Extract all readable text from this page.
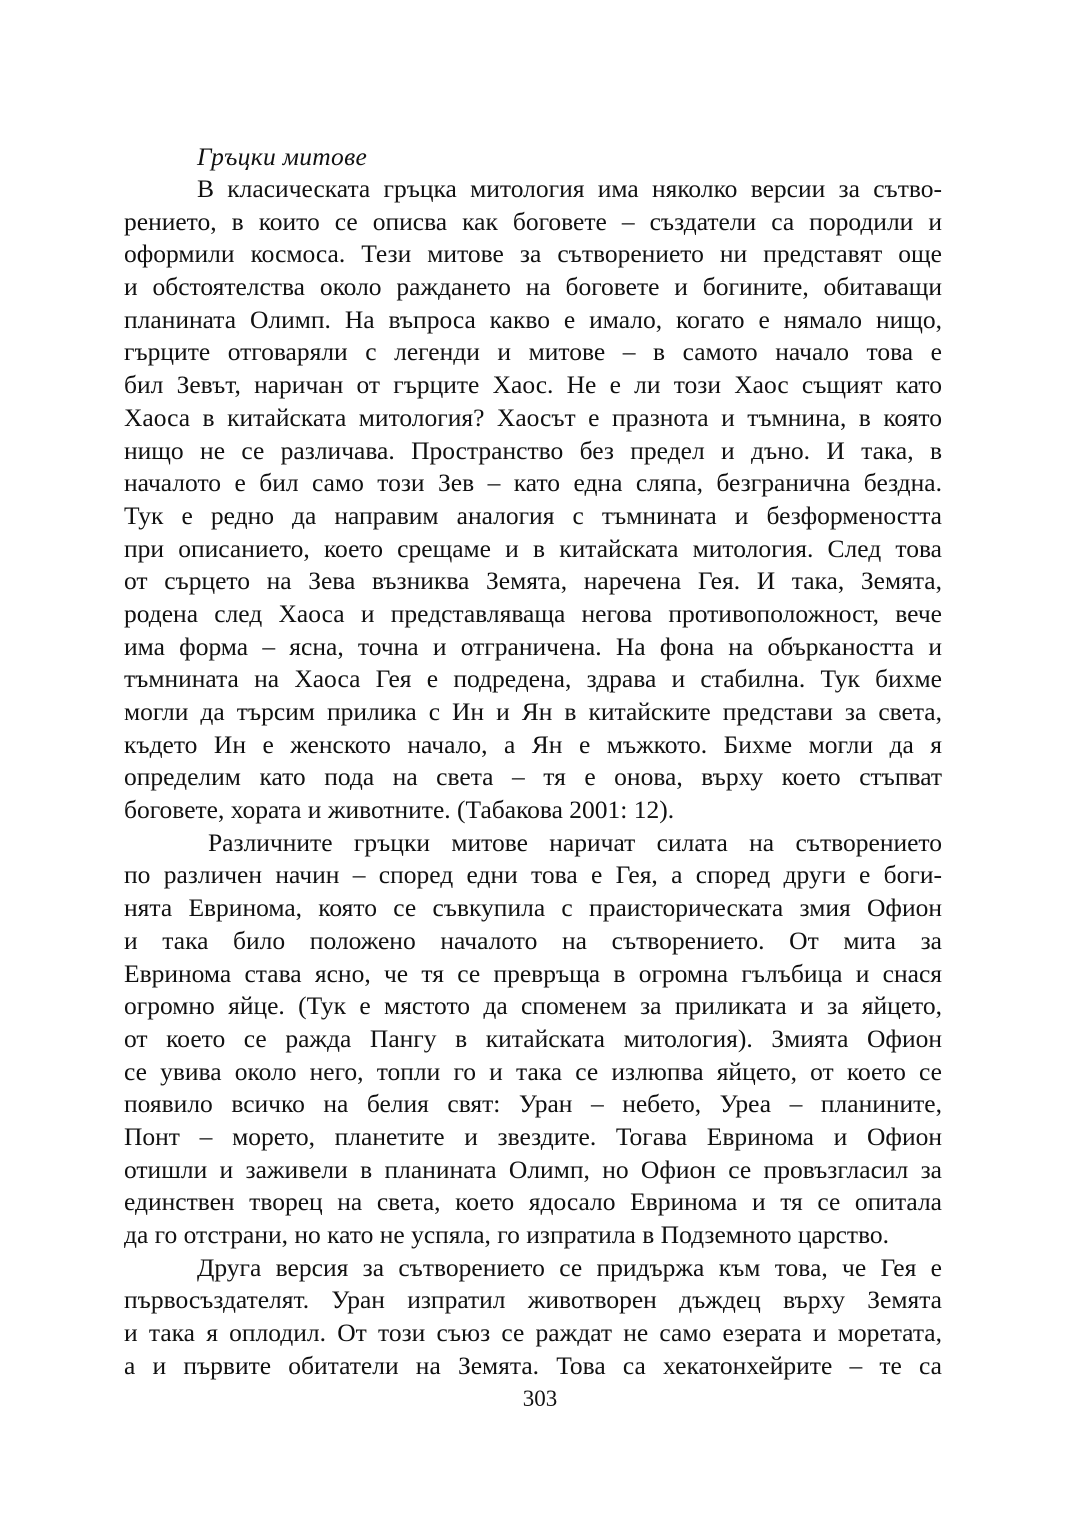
Гръцки митове
В класическата гръцка митология има няколко версии за сътво-
рението, в които се описва как боговете – създатели са породили и
оформили космоса. Тези митове за сътворението ни представят още
и обстоятелства около раждането на боговете и богините, обитаващи
планината Олимп. На въпроса какво е имало, когато е нямало нищо,
гърците отговаряли с легенди и митове – в самото начало това е
бил Зевът, наричан от гърците Хаос. Не е ли този Хаос същият като
Хаоса в китайската митология? Хаосът е празнота и тъмнина, в която
нищо не се различава. Пространство без предел и дъно. И така, в
началото е бил само този Зев – като една сляпа, безгранична бездна.
Тук е редно да направим аналогия с тъмнината и безформеността
при описанието, което срещаме и в китайската митология. След това
от сърцето на Зева възниква Земята, наречена Гея. И така, Земята,
родена след Хаоса и представляваща негова противоположност, вече
има форма – ясна, точна и отграничена. На фона на объркаността и
тъмнината на Хаоса Гея е подредена, здрава и стабилна. Тук бихме
могли да търсим прилика с Ин и Ян в китайските представи за света,
където Ин е женското начало, а Ян е мъжкото. Бихме могли да я
определим като пода на света – тя е онова, върху което стъпват
боговете, хората и животните. (Табакова 2001: 12).
Различните гръцки митове наричат силата на сътворението
по различен начин – според едни това е Гея, а според други е боги-
нята Евринома, която се съвкупила с праисторическата змия Офион
и така било положено началото на сътворението. От мита за
Евринома става ясно, че тя се превръща в огромна гълъбица и снася
огромно яйце. (Тук е мястото да споменем за приликата и за яйцето,
от което се ражда Пангу в китайската митология). Змията Офион
се увива около него, топли го и така се излюпва яйцето, от което се
появило всичко на белия свят: Уран – небето, Уреа – планините,
Понт – морето, планетите и звездите. Тогава Евринома и Офион
отишли и заживели в планината Олимп, но Офион се провъзгласил за
единствен творец на света, което ядосало Евринома и тя се опитала
да го отстрани, но като не успяла, го изпратила в Подземното царство.
Друга версия за сътворението се придържа към това, че Гея е
първосъздателят. Уран изпратил животворен дъждец върху Земята
и така я оплодил. От този съюз се раждат не само езерата и моретата,
а и първите обитатели на Земята. Това са хекатонхейрите – те са
303
